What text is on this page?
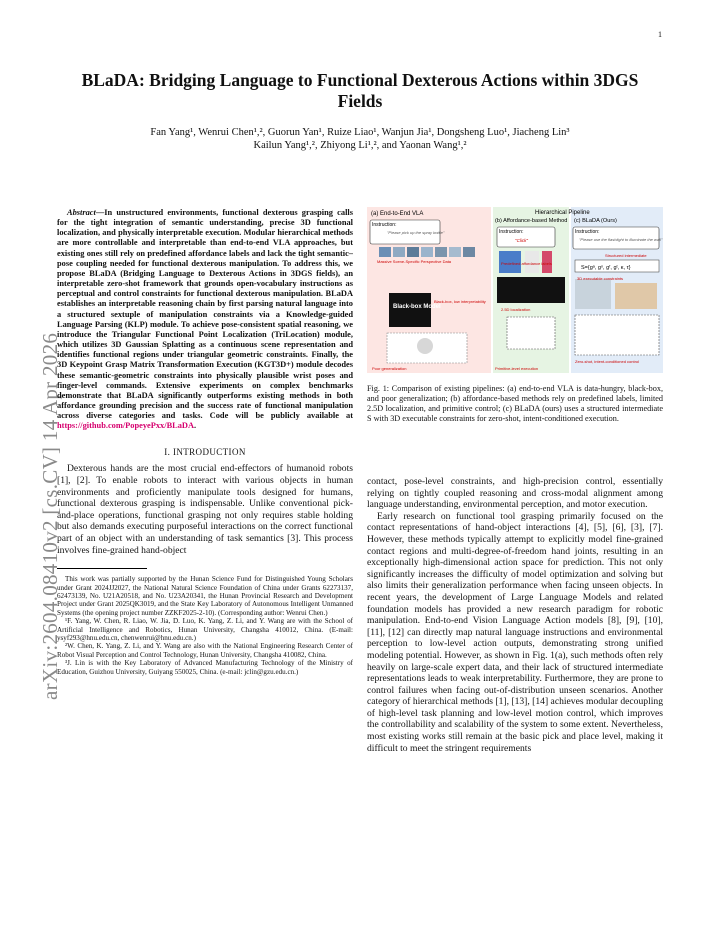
1
arXiv:2604.08410v2 [cs.CV] 14 Apr 2026
BLaDA: Bridging Language to Functional Dexterous Actions within 3DGS Fields
Fan Yang¹, Wenrui Chen¹,², Guorun Yan¹, Ruize Liao¹, Wanjun Jia¹, Dongsheng Luo¹, Jiacheng Lin³
Kailun Yang¹,², Zhiyong Li¹,², and Yaonan Wang¹,²

Abstract—In unstructured environments, functional dexterous grasping calls for the tight integration of semantic understanding, precise 3D functional localization, and physically interpretable execution. Modular hierarchical methods are more controllable and interpretable than end-to-end VLA approaches, but existing ones still rely on predefined affordance labels and lack the tight semantic–pose coupling needed for functional dexterous manipulation. To address this, we propose BLaDA (Bridging Language to Dexterous Actions in 3DGS fields), an interpretable zero-shot framework that grounds open-vocabulary instructions as perceptual and control constraints for functional dexterous manipulation. BLaDA establishes an interpretable reasoning chain by first parsing natural language into a structured sextuple of manipulation constraints via a Knowledge-guided Language Parsing (KLP) module. To achieve pose-consistent spatial reasoning, we introduce the Triangular Functional Point Localization (TriLocation) module, which utilizes 3D Gaussian Splatting as a continuous scene representation and identifies functional regions under triangular geometric constraints. Finally, the 3D Keypoint Grasp Matrix Transformation Execution (KGT3D+) module decodes these semantic-geometric constraints into physically plausible wrist poses and finger-level commands. Extensive experiments on complex benchmarks demonstrate that BLaDA significantly outperforms existing methods in both affordance grounding precision and the success rate of functional manipulation across diverse categories and tasks. Code will be publicly available at https://github.com/PopeyePxx/BLaDA.

I. INTRODUCTION

Dexterous hands are the most crucial end-effectors of humanoid robots [1], [2]. To enable robots to interact with various objects in human environments and proficiently manipulate tools designed for humans, functional dexterous grasping is indispensable. Unlike conventional pick-and-place operations, functional grasping not only requires stable holding but also demands executing purposeful interactions on the correct functional part of an object with an understanding of task semantics [3]. This process involves fine-grained hand-object

This work was partially supported by the Hunan Science Fund for Distinguished Young Scholars under Grant 2024JJ2027, the National Natural Science Foundation of China under Grants 62273137, 62473139, No. U21A20518, and No. U23A20341, the Hunan Provincial Research and Development Project under Grant 2025QK3019, and the State Key Laboratory of Autonomous Intelligent Unmanned Systems (the opening project number ZZKF2025-2-10). (Corresponding author: Wenrui Chen.)

¹F. Yang, W. Chen, R. Liao, W. Jia, D. Luo, K. Yang, Z. Li, and Y. Wang are with the School of Artificial Intelligence and Robotics, Hunan University, Changsha 410012, China. (E-mail: ysyf293@hnu.edu.cn, chenwenrui@hnu.edu.cn.)

²W. Chen, K. Yang, Z. Li, and Y. Wang are also with the National Engineering Research Center of Robot Visual Perception and Control Technology, Hunan University, Changsha 410082, China.

³J. Lin is with the Key Laboratory of Advanced Manufacturing Technology of the Ministry of Education, Guizhou University, Guiyang 550025, China. (e-mail: jclin@gzu.edu.cn.)

(a) End-to-End VLA	Hierarchical Pipeline
(b) Affordance-based Method (c) BLaDA (Ours)
Instruction:
"Please pick up the spray bottle"
Massive Scene-Specific Perspective Data
Black-box Model
Black-box, low interpretability
Poor generalization
Instruction:
"Click"
Predefined affordance labels
2.5D localization
Primitive-level execution
Instruction:
"Please use the flashlight to illuminate the wall"
Structured intermediate
S={gᵃ, gᵒ, gᶠ, gᵗ, κ, τ}
3D executable constraints
Zero-shot, intent-conditioned control
Fig. 1: Comparison of existing pipelines: (a) end-to-end VLA is data-hungry, black-box, and poor generalization; (b) affordance-based methods rely on predefined labels, limited 2.5D localization, and primitive control; (c) BLaDA (ours) uses a structured intermediate S with 3D executable constraints for zero-shot, intent-conditioned execution.

contact, pose-level constraints, and high-precision control, essentially relying on tightly coupled reasoning and cross-modal alignment among language understanding, environmental perception, and motor execution.

Early research on functional tool grasping primarily focused on the contact representations of hand-object interactions [4], [5], [6], [3], [7]. However, these methods typically attempt to explicitly model fine-grained contact regions and multi-degree-of-freedom hand joints, resulting in an exceptionally high-dimensional action space for prediction. This not only significantly increases the difficulty of model optimization and solving but also limits their generalization performance when facing unseen objects. In recent years, the development of Large Language Models and related foundation models has provided a new research paradigm for robotic manipulation. End-to-end Vision Language Action models [8], [9], [10], [11], [12] can directly map natural language instructions and environmental perception to low-level action outputs, demonstrating strong unified modeling potential. However, as shown in Fig. 1(a), such methods often rely heavily on large-scale expert data, and their lack of structured intermediate representations leads to weak interpretability. Furthermore, they are prone to control failures when facing out-of-distribution unseen scenarios. Another category of hierarchical methods [1], [13], [14] achieves modular decoupling of high-level task planning and low-level motion control, which improves the controllability and scalability of the system to some extent. Nevertheless, most existing works still remain at the basic pick and place level, making it difficult to meet the stringent requirements
